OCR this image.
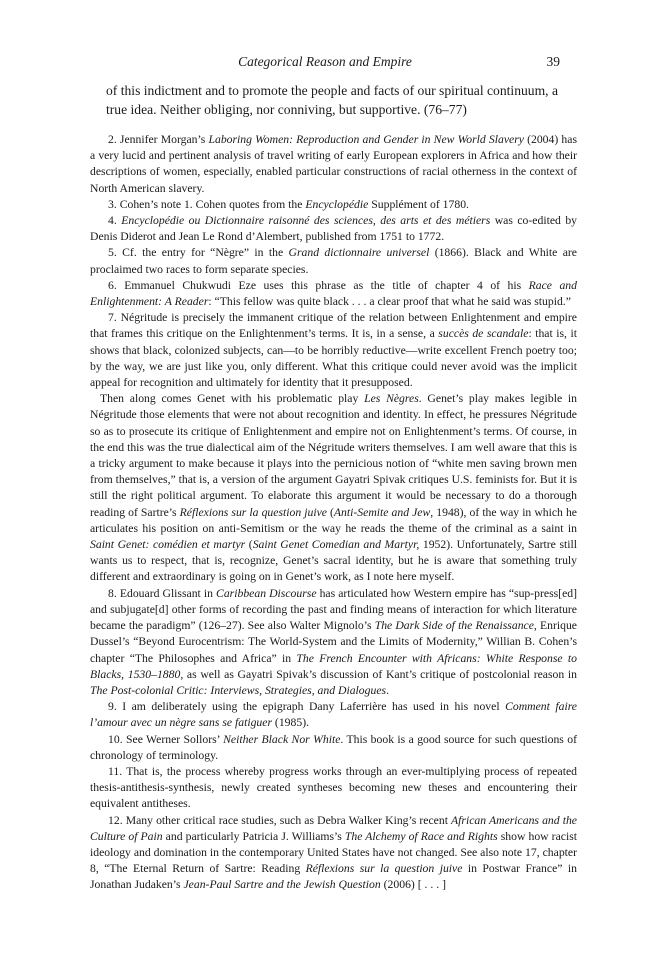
Categorical Reason and Empire	39

of this indictment and to promote the people and facts of our spiritual continuum, a true idea. Neither obliging, nor conniving, but supportive. (76–77)

2. Jennifer Morgan’s Laboring Women: Reproduction and Gender in New World Slavery (2004) has a very lucid and pertinent analysis of travel writing of early European explorers in Africa and how their descriptions of women, especially, enabled particular constructions of racial otherness in the context of North American slavery.

3. Cohen’s note 1. Cohen quotes from the Encyclopédie Supplément of 1780.

4. Encyclopédie ou Dictionnaire raisonné des sciences, des arts et des métiers was co-edited by Denis Diderot and Jean Le Rond d’Alembert, published from 1751 to 1772.

5. Cf. the entry for “Nègre” in the Grand dictionnaire universel (1866). Black and White are proclaimed two races to form separate species.

6. Emmanuel Chukwudi Eze uses this phrase as the title of chapter 4 of his Race and Enlightenment: A Reader: “This fellow was quite black . . . a clear proof that what he said was stupid.”

7. Négritude is precisely the immanent critique of the relation between Enlightenment and empire that frames this critique on the Enlightenment’s terms. It is, in a sense, a succès de scandale: that is, it shows that black, colonized subjects, can—to be horribly reductive—write excellent French poetry too; by the way, we are just like you, only different. What this critique could never avoid was the implicit appeal for recognition and ultimately for identity that it presupposed.

Then along comes Genet with his problematic play Les Nègres. Genet’s play makes legible in Négritude those elements that were not about recognition and identity. In effect, he pressures Négritude so as to prosecute its critique of Enlightenment and empire not on Enlightenment’s terms. Of course, in the end this was the true dialectical aim of the Négritude writers themselves. I am well aware that this is a tricky argument to make because it plays into the pernicious notion of “white men saving brown men from themselves,” that is, a version of the argument Gayatri Spivak critiques U.S. feminists for. But it is still the right political argument. To elaborate this argument it would be necessary to do a thorough reading of Sartre’s Réflexions sur la question juive (Anti-Semite and Jew, 1948), of the way in which he articulates his position on anti-Semitism or the way he reads the theme of the criminal as a saint in Saint Genet: comédien et martyr (Saint Genet Comedian and Martyr, 1952). Unfortunately, Sartre still wants us to respect, that is, recognize, Genet’s sacral identity, but he is aware that something truly different and extraordinary is going on in Genet’s work, as I note here myself.

8. Edouard Glissant in Caribbean Discourse has articulated how Western empire has “sup-press[ed] and subjugate[d] other forms of recording the past and finding means of interaction for which literature became the paradigm” (126–27). See also Walter Mignolo’s The Dark Side of the Renaissance, Enrique Dussel’s “Beyond Eurocentrism: The World-System and the Limits of Modernity,” Willian B. Cohen’s chapter “The Philosophes and Africa” in The French Encounter with Africans: White Response to Blacks, 1530–1880, as well as Gayatri Spivak’s discussion of Kant’s critique of postcolonial reason in The Post-colonial Critic: Interviews, Strategies, and Dialogues.

9. I am deliberately using the epigraph Dany Laferrière has used in his novel Comment faire l’amour avec un nègre sans se fatiguer (1985).

10. See Werner Sollors’ Neither Black Nor White. This book is a good source for such questions of chronology of terminology.

11. That is, the process whereby progress works through an ever-multiplying process of repeated thesis-antithesis-synthesis, newly created syntheses becoming new theses and encountering their equivalent antitheses.

12. Many other critical race studies, such as Debra Walker King’s recent African Americans and the Culture of Pain and particularly Patricia J. Williams’s The Alchemy of Race and Rights show how racist ideology and domination in the contemporary United States have not changed. See also note 17, chapter 8, “The Eternal Return of Sartre: Reading Réflexions sur la question juive in Postwar France” in Jonathan Judaken’s Jean-Paul Sartre and the Jewish Question (2006) [ . . . ]
